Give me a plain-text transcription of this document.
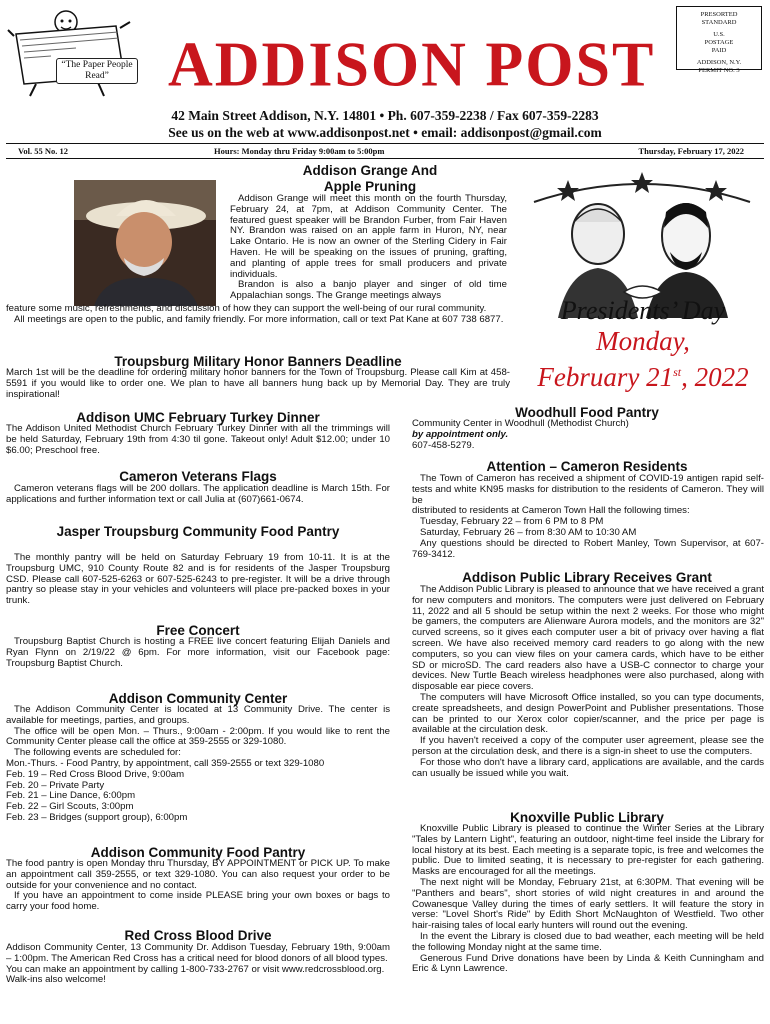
“The Paper People Read” ADDISON POST
PRESORTED
STANDARD
U.S.
POSTAGE
PAID
ADDISON, N.Y.
PERMIT NO. 3
42 Main Street Addison, N.Y. 14801 • Ph. 607-359-2238 / Fax 607-359-2283
See us on the web at www.addisonpost.net • email: addisonpost@gmail.com
Vol. 55 No. 12	Hours: Monday thru Friday 9:00am to 5:00pm	Thursday, February 17, 2022
Addison Grange And
Apple Pruning

Addison Grange will meet this month on the fourth Thursday, February 24, at 7pm, at Addison Community Center. The featured guest speaker will be Brandon Furber, from Fair Haven NY. Brandon was raised on an apple farm in Huron, NY, near Lake Ontario. He is now an owner of the Sterling Cidery in Fair Haven. He will be speaking on the issues of pruning, grafting, and planting of apple trees for small producers and private individuals.

Brandon is also a banjo player and singer of old time Appalachian songs. The Grange meetings always

feature some music, refreshments, and discussion of how they can support the well-being of our rural community.

All meetings are open to the public, and family friendly. For more information, call or text Pat Kane at 607 738 6877.

Troupsburg Military Honor Banners Deadline

March 1st will be the deadline for ordering military honor banners for the Town of Troupsburg. Please call Kim at 458-5591 if you would like to order one. We plan to have all banners hung back up by Memorial Day. They are truly inspirational!

Presidents’ Day
Monday,
February 21st, 2022
Addison UMC February Turkey Dinner

The Addison United Methodist Church February Turkey Dinner with all the trimmings will be held Saturday, February 19th from 4:30 til gone. Takeout only! Adult $12.00; under 10 $6.00; Preschool free.

Cameron Veterans Flags

Cameron veterans flags will be 200 dollars. The application deadline is March 15th. For applications and further information text or call Julia at (607)661-0674.

Jasper Troupsburg Community Food Pantry

The monthly pantry will be held on Saturday February 19 from 10-11. It is at the Troupsburg UMC, 910 County Route 82 and is for residents of the Jasper Troupsburg CSD. Please call 607-525-6263 or 607-525-6243 to pre-register. It will be a drive through pantry so please stay in your vehicles and volunteers will place pre-packed boxes in your trunk.

Free Concert

Troupsburg Baptist Church is hosting a FREE live concert featuring Elijah Daniels and Ryan Flynn on 2/19/22 @ 6pm. For more information, visit our Facebook page: Troupsburg Baptist Church.

Addison Community Center

The Addison Community Center is located at 13 Community Drive. The center is available for meetings, parties, and groups.

The office will be open Mon. – Thurs., 9:00am - 2:00pm. If you would like to rent the Community Center please call the office at 359-2555 or 329-1080.

The following events are scheduled for:

Mon.-Thurs. - Food Pantry, by appointment, call 359-2555 or text 329-1080

Feb. 19 – Red Cross Blood Drive, 9:00am

Feb. 20 – Private Party

Feb. 21 – Line Dance, 6:00pm

Feb. 22 – Girl Scouts, 3:00pm

Feb. 23 – Bridges (support group), 6:00pm

Addison Community Food Pantry

The food pantry is open Monday thru Thursday, BY APPOINTMENT or PICK UP. To make an appointment call 359-2555, or text 329-1080. You can also request your order to be outside for your convenience and no contact.

If you have an appointment to come inside PLEASE bring your own boxes or bags to carry your food home.

Red Cross Blood Drive

Addison Community Center, 13 Community Dr. Addison Tuesday, February 19th, 9:00am – 1:00pm. The American Red Cross has a critical need for blood donors of all blood types.

You can make an appointment by calling 1-800-733-2767 or visit www.redcrossblood.org. Walk-ins also welcome!

Woodhull Food Pantry

Community Center in Woodhull (Methodist Church)

by appointment only.

607-458-5279.

Attention – Cameron Residents

The Town of Cameron has received a shipment of COVID-19 antigen rapid self-tests and white KN95 masks for distribution to the residents of Cameron. They will be

distributed to residents at Cameron Town Hall the following times:

Tuesday, February 22 – from 6 PM to 8 PM

Saturday, February 26 – from 8:30 AM to 10:30 AM

Any questions should be directed to Robert Manley, Town Supervisor, at 607-769-3412.

Addison Public Library Receives Grant

The Addison Public Library is pleased to announce that we have received a grant for new computers and monitors. The computers were just delivered on February 11, 2022 and all 5 should be setup within the next 2 weeks. For those who might be gamers, the computers are Alienware Aurora models, and the monitors are 32" curved screens, so it gives each computer user a bit of privacy over having a flat screen. We have also received memory card readers to go along with the new computers, so you can view files on your camera cards, which have to be either SD or microSD. The card readers also have a USB-C connector to charge your devices. New Turtle Beach wireless headphones were also purchased, along with disposable ear piece covers.

The computers will have Microsoft Office installed, so you can type documents, create spreadsheets, and design PowerPoint and Publisher presentations. Those can be printed to our Xerox color copier/scanner, and the price per page is available at the circulation desk.

If you haven't received a copy of the computer user agreement, please see the person at the circulation desk, and there is a sign-in sheet to use the computers.

For those who don't have a library card, applications are available, and the cards can usually be issued while you wait.

Knoxville Public Library

Knoxville Public Library is pleased to continue the Winter Series at the Library "Tales by Lantern Light", featuring an outdoor, night-time feel inside the Library for local history at its best. Each meeting is a separate topic, is free and welcomes the public. Due to limited seating, it is necessary to pre-register for each gathering. Masks are encouraged for all the meetings.

The next night will be Monday, February 21st, at 6:30PM. That evening will be "Panthers and bears", short stories of wild night creatures in and around the Cowanesque Valley during the times of early settlers. It will feature the story in verse: "Lovel Short's Ride" by Edith Short McNaughton of Westfield. Two other hair-raising tales of local early hunters will round out the evening.

In the event the Library is closed due to bad weather, each meeting will be held the following Monday night at the same time.

Generous Fund Drive donations have been by Linda & Keith Cunningham and Eric & Lynn Lawrence.
